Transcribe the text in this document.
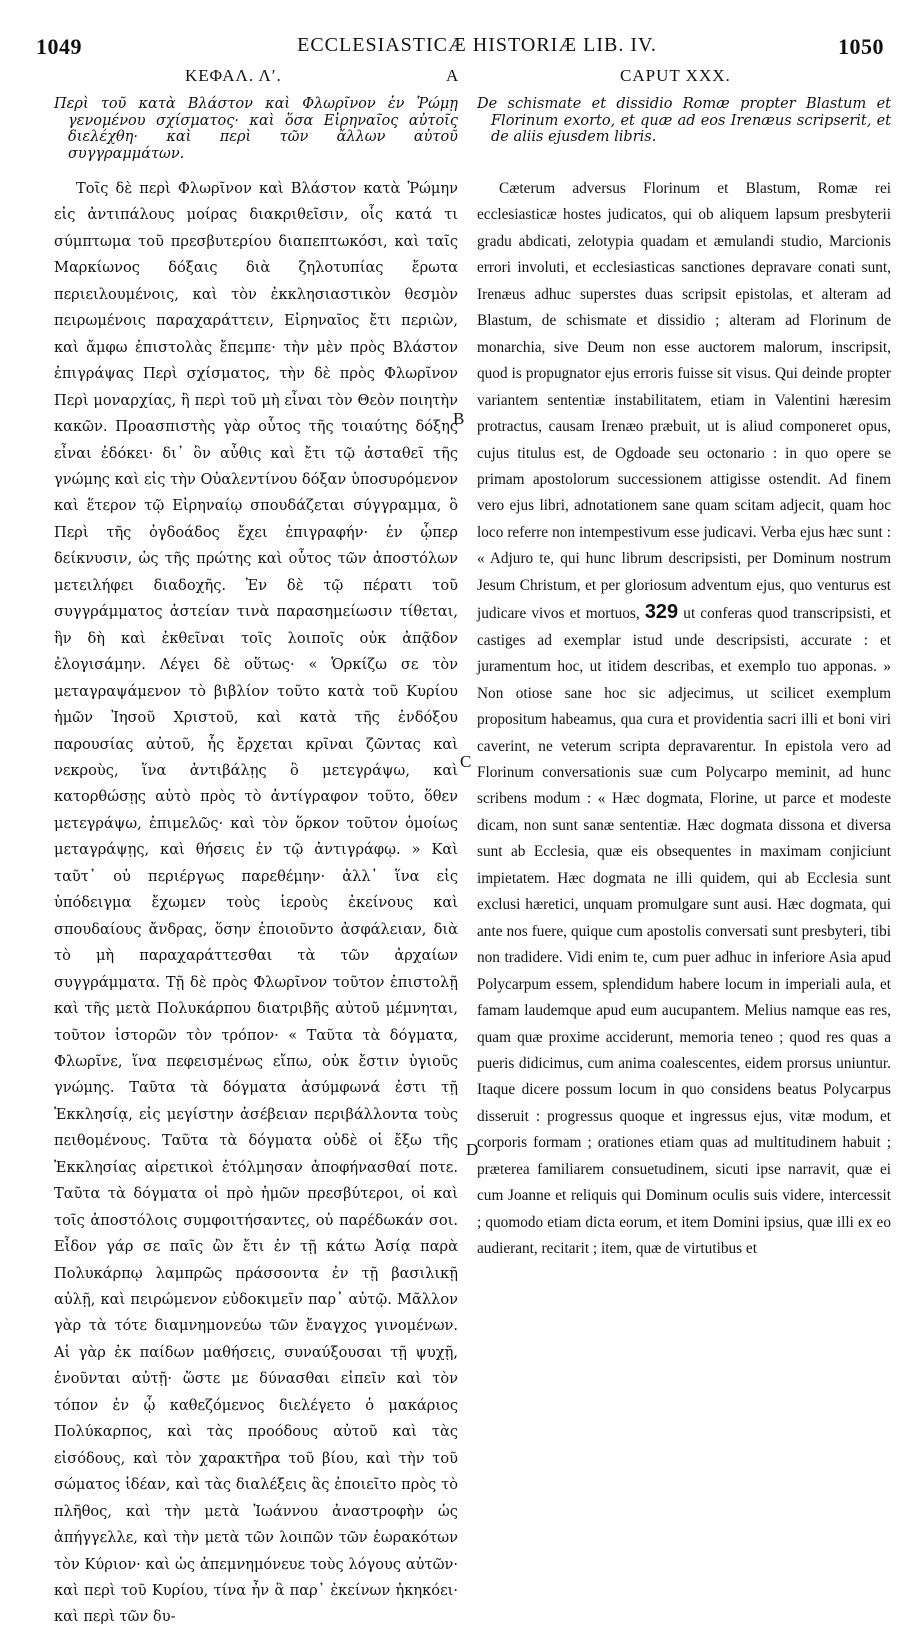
1049	ECCLESIASTICÆ HISTORIÆ LIB. IV.	1050
ΚΕΦΑΛ. Λʹ.	A	CAPUT XXX.

Περὶ τοῦ κατὰ Βλάστον καὶ Φλωρῖνον ἐν Ῥώμῃ γενομένου σχίσματος· καὶ ὅσα Εἰρηναῖος αὐτοῖς διελέχθη· καὶ περὶ τῶν ἄλλων αὐτοῦ συγγραμμάτων.

Τοῖς δὲ περὶ Φλωρῖνον καὶ Βλάστον κατὰ Ῥώμην εἰς ἀντιπάλους μοίρας διακριθεῖσιν, οἷς κατά τι σύμπτωμα τοῦ πρεσβυτερίου διαπεπτωκόσι, καὶ ταῖς Μαρκίωνος δόξαις διὰ ζηλοτυπίας ἔρωτα περιειλουμένοις, καὶ τὸν ἐκκλησιαστικὸν θεσμὸν πειρωμένοις παραχαράττειν, Εἰρηναῖος ἔτι περιὼν, καὶ ἄμφω ἐπιστολὰς ἔπεμπε· τὴν μὲν πρὸς Βλάστον ἐπιγράψας Περὶ σχίσματος, τὴν δὲ πρὸς Φλωρῖνον Περὶ μοναρχίας, ἢ περὶ τοῦ μὴ εἶναι τὸν Θεὸν ποιητὴν κακῶν. Προασπιστὴς γὰρ οὗτος τῆς τοιαύτης δόξης εἶναι ἐδόκει· δι᾽ ὃν αὖθις καὶ ἔτι τῷ ἀσταθεῖ τῆς γνώμης καὶ εἰς τὴν Οὐαλεντίνου δόξαν ὑποσυρόμενον καὶ ἕτερον τῷ Εἰρηναίῳ σπουδάζεται σύγγραμμα, ὃ Περὶ τῆς ὀγδοάδος ἔχει ἐπιγραφήν· ἐν ᾧπερ δείκνυσιν, ὡς τῆς πρώτης καὶ οὗτος τῶν ἀποστόλων μετειλήφει διαδοχῆς. Ἐν δὲ τῷ πέρατι τοῦ συγγράμματος ἀστείαν τινὰ παρασημείωσιν τίθεται, ἣν δὴ καὶ ἐκθεῖναι τοῖς λοιποῖς οὐκ ἀπᾷδον ἐλογισάμην. Λέγει δὲ οὕτως· « Ὁρκίζω σε τὸν μεταγραψάμενον τὸ βιβλίον τοῦτο κατὰ τοῦ Κυρίου ἡμῶν Ἰησοῦ Χριστοῦ, καὶ κατὰ τῆς ἐνδόξου παρουσίας αὐτοῦ, ἧς ἔρχεται κρῖναι ζῶντας καὶ νεκροὺς, ἵνα ἀντιβάλῃς ὃ μετεγράψω, καὶ κατορθώσῃς αὐτὸ πρὸς τὸ ἀντίγραφον τοῦτο, ὅθεν μετεγράψω, ἐπιμελῶς· καὶ τὸν ὅρκον τοῦτον ὁμοίως μεταγράψῃς, καὶ θήσεις ἐν τῷ ἀντιγράφῳ. » Καὶ ταῦτ᾽ οὐ περιέργως παρεθέμην· ἀλλ᾽ ἵνα εἰς ὑπόδειγμα ἔχωμεν τοὺς ἱεροὺς ἐκείνους καὶ σπουδαίους ἄνδρας, ὅσην ἐποιοῦντο ἀσφάλειαν, διὰ τὸ μὴ παραχαράττεσθαι τὰ τῶν ἀρχαίων συγγράμματα. Τῇ δὲ πρὸς Φλωρῖνον τοῦτον ἐπιστολῇ καὶ τῆς μετὰ Πολυκάρπου διατριβῆς αὐτοῦ μέμνηται, τοῦτον ἱστορῶν τὸν τρόπον· « Ταῦτα τὰ δόγματα, Φλωρῖνε, ἵνα πεφεισμένως εἴπω, οὐκ ἔστιν ὑγιοῦς γνώμης. Ταῦτα τὰ δόγματα ἀσύμφωνά ἐστι τῇ Ἐκκλησίᾳ, εἰς μεγίστην ἀσέβειαν περιβάλλοντα τοὺς πειθομένους. Ταῦτα τὰ δόγματα οὐδὲ οἱ ἔξω τῆς Ἐκκλησίας αἱρετικοὶ ἐτόλμησαν ἀποφήνασθαί ποτε. Ταῦτα τὰ δόγματα οἱ πρὸ ἡμῶν πρεσβύτεροι, οἱ καὶ τοῖς ἀποστόλοις συμφοιτήσαντες, οὐ παρέδωκάν σοι. Εἶδον γάρ σε παῖς ὢν ἔτι ἐν τῇ κάτω Ἀσίᾳ παρὰ Πολυκάρπῳ λαμπρῶς πράσσοντα ἐν τῇ βασιλικῇ αὐλῇ, καὶ πειρώμενον εὐδοκιμεῖν παρ᾽ αὐτῷ. Μᾶλλον γὰρ τὰ τότε διαμνημονεύω τῶν ἔναγχος γινομένων. Αἱ γὰρ ἐκ παίδων μαθήσεις, συναύξουσαι τῇ ψυχῇ, ἑνοῦνται αὐτῇ· ὥστε με δύνασθαι εἰπεῖν καὶ τὸν τόπον ἐν ᾧ καθεζόμενος διελέγετο ὁ μακάριος Πολύκαρπος, καὶ τὰς προόδους αὐτοῦ καὶ τὰς εἰσόδους, καὶ τὸν χαρακτῆρα τοῦ βίου, καὶ τὴν τοῦ σώματος ἰδέαν, καὶ τὰς διαλέξεις ἃς ἐποιεῖτο πρὸς τὸ πλῆθος, καὶ τὴν μετὰ Ἰωάννου ἀναστροφὴν ὡς ἀπήγγελλε, καὶ τὴν μετὰ τῶν λοιπῶν τῶν ἑωρακότων τὸν Κύριον· καὶ ὡς ἀπεμνημόνευε τοὺς λόγους αὐτῶν· καὶ περὶ τοῦ Κυρίου, τίνα ἦν ἃ παρ᾽ ἐκείνων ἠκηκόει· καὶ περὶ τῶν δυ-

B
C
D

De schismate et dissidio Romæ propter Blastum et Florinum exorto, et quæ ad eos Irenæus scripserit, et de aliis ejusdem libris.

Cæterum adversus Florinum et Blastum, Romæ rei ecclesiasticæ hostes judicatos, qui ob aliquem lapsum presbyterii gradu abdicati, zelotypia quadam et æmulandi studio, Marcionis errori involuti, et ecclesiasticas sanctiones depravare conati sunt, Irenæus adhuc superstes duas scripsit epistolas, et alteram ad Blastum, de schismate et dissidio ; alteram ad Florinum de monarchia, sive Deum non esse auctorem malorum, inscripsit, quod is propugnator ejus erroris fuisse sit visus. Qui deinde propter variantem sententiæ instabilitatem, etiam in Valentini hæresim protractus, causam Irenæo præbuit, ut is aliud componeret opus, cujus titulus est, de Ogdoade seu octonario : in quo opere se primam apostolorum successionem attigisse ostendit. Ad finem vero ejus libri, adnotationem sane quam scitam adjecit, quam hoc loco referre non intempestivum esse judicavi. Verba ejus hæc sunt : « Adjuro te, qui hunc librum descripsisti, per Dominum nostrum Jesum Christum, et per gloriosum adventum ejus, quo venturus est judicare vivos et mortuos, 329 ut conferas quod transcripsisti, et castiges ad exemplar istud unde descripsisti, accurate : et juramentum hoc, ut itidem describas, et exemplo tuo apponas. » Non otiose sane hoc sic adjecimus, ut scilicet exemplum propositum habeamus, qua cura et providentia sacri illi et boni viri caverint, ne veterum scripta depravarentur. In epistola vero ad Florinum conversationis suæ cum Polycarpo meminit, ad hunc scribens modum : « Hæc dogmata, Florine, ut parce et modeste dicam, non sunt sanæ sententiæ. Hæc dogmata dissona et diversa sunt ab Ecclesia, quæ eis obsequentes in maximam conjiciunt impietatem. Hæc dogmata ne illi quidem, qui ab Ecclesia sunt exclusi hæretici, unquam promulgare sunt ausi. Hæc dogmata, qui ante nos fuere, quique cum apostolis conversati sunt presbyteri, tibi non tradidere. Vidi enim te, cum puer adhuc in inferiore Asia apud Polycarpum essem, splendidum habere locum in imperiali aula, et famam laudemque apud eum aucupantem. Melius namque eas res, quam quæ proxime acciderunt, memoria teneo ; quod res quas a pueris didicimus, cum anima coalescentes, eidem prorsus uniuntur. Itaque dicere possum locum in quo considens beatus Polycarpus disseruit : progressus quoque et ingressus ejus, vitæ modum, et corporis formam ; orationes etiam quas ad multitudinem habuit ; præterea familiarem consuetudinem, sicuti ipse narravit, quæ ei cum Joanne et reliquis qui Dominum oculis suis videre, intercessit ; quomodo etiam dicta eorum, et item Domini ipsius, quæ illi ex eo audierant, recitarit ; item, quæ de virtutibus et
